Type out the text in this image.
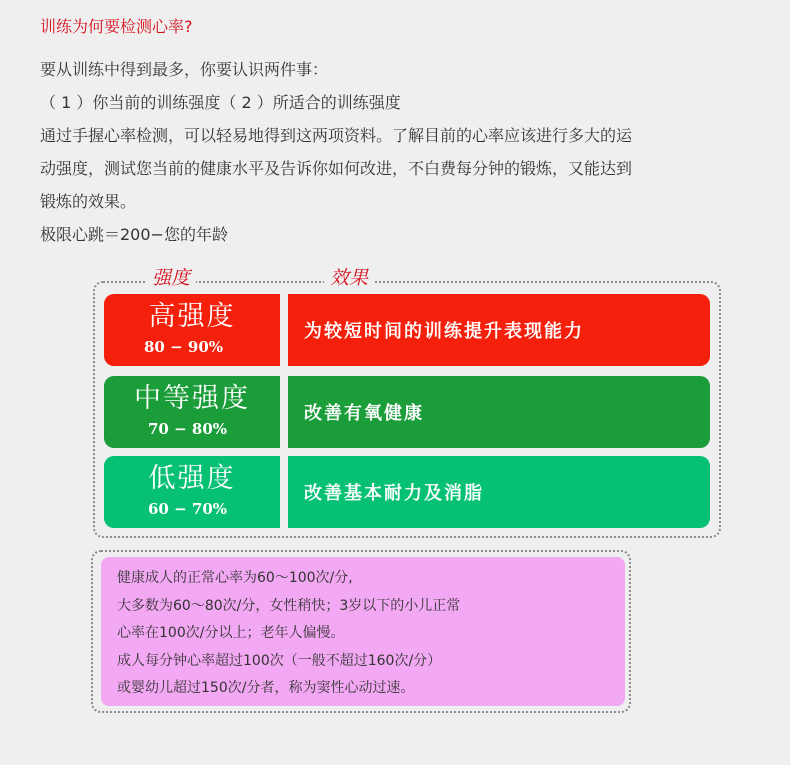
训练为何要检测心率?
要从训练中得到最多，你要认识两件事：
（ 1 ）你当前的训练强度（ 2 ）所适合的训练强度
通过手握心率检测，可以轻易地得到这两项资料。了解目前的心率应该进行多大的运
动强度，测试您当前的健康水平及告诉你如何改进，不白费每分钟的锻炼，又能达到
锻炼的效果。
极限心跳＝200−您的年龄
强度	效果
高强度
80 − 90%
为较短时间的训练提升表现能力
中等强度
70 − 80%
改善有氧健康
低强度
60 − 70%
改善基本耐力及消脂
健康成人的正常心率为60～100次/分,
大多数为60～80次/分，女性稍快；3岁以下的小儿正常
心率在100次/分以上；老年人偏慢。
成人每分钟心率超过100次（一般不超过160次/分）
或婴幼儿超过150次/分者，称为窦性心动过速。
